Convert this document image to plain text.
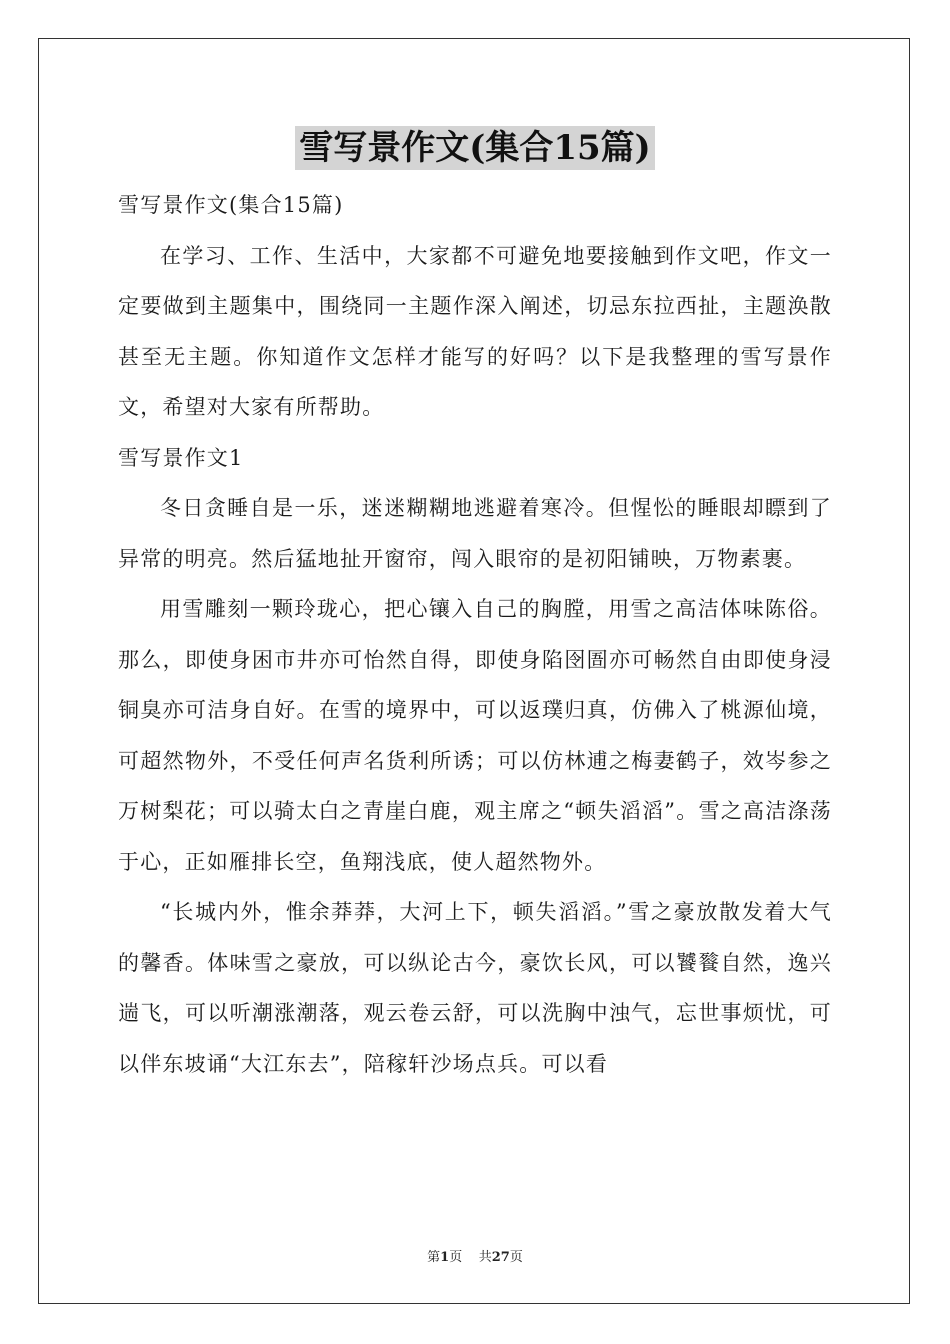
雪写景作文(集合15篇)

雪写景作文(集合15篇)

在学习、工作、生活中，大家都不可避免地要接触到作文吧，作文一定要做到主题集中，围绕同一主题作深入阐述，切忌东拉西扯，主题涣散甚至无主题。你知道作文怎样才能写的好吗？以下是我整理的雪写景作文，希望对大家有所帮助。

雪写景作文1

冬日贪睡自是一乐，迷迷糊糊地逃避着寒冷。但惺忪的睡眼却瞟到了异常的明亮。然后猛地扯开窗帘，闯入眼帘的是初阳铺映，万物素裹。

用雪雕刻一颗玲珑心，把心镶入自己的胸膛，用雪之高洁体味陈俗。那么，即使身困市井亦可怡然自得，即使身陷囹圄亦可畅然自由即使身浸铜臭亦可洁身自好。在雪的境界中，可以返璞归真，仿佛入了桃源仙境，可超然物外，不受任何声名货利所诱；可以仿林逋之梅妻鹤子，效岑参之万树梨花；可以骑太白之青崖白鹿，观主席之“顿失滔滔”。雪之高洁涤荡于心，正如雁排长空，鱼翔浅底，使人超然物外。

“长城内外，惟余莽莽，大河上下，顿失滔滔。”雪之豪放散发着大气的馨香。体味雪之豪放，可以纵论古今，豪饮长风，可以饕餮自然，逸兴遄飞，可以听潮涨潮落，观云卷云舒，可以洗胸中浊气，忘世事烦忧，可以伴东坡诵“大江东去”，陪稼轩沙场点兵。可以看

第1页    共27页
